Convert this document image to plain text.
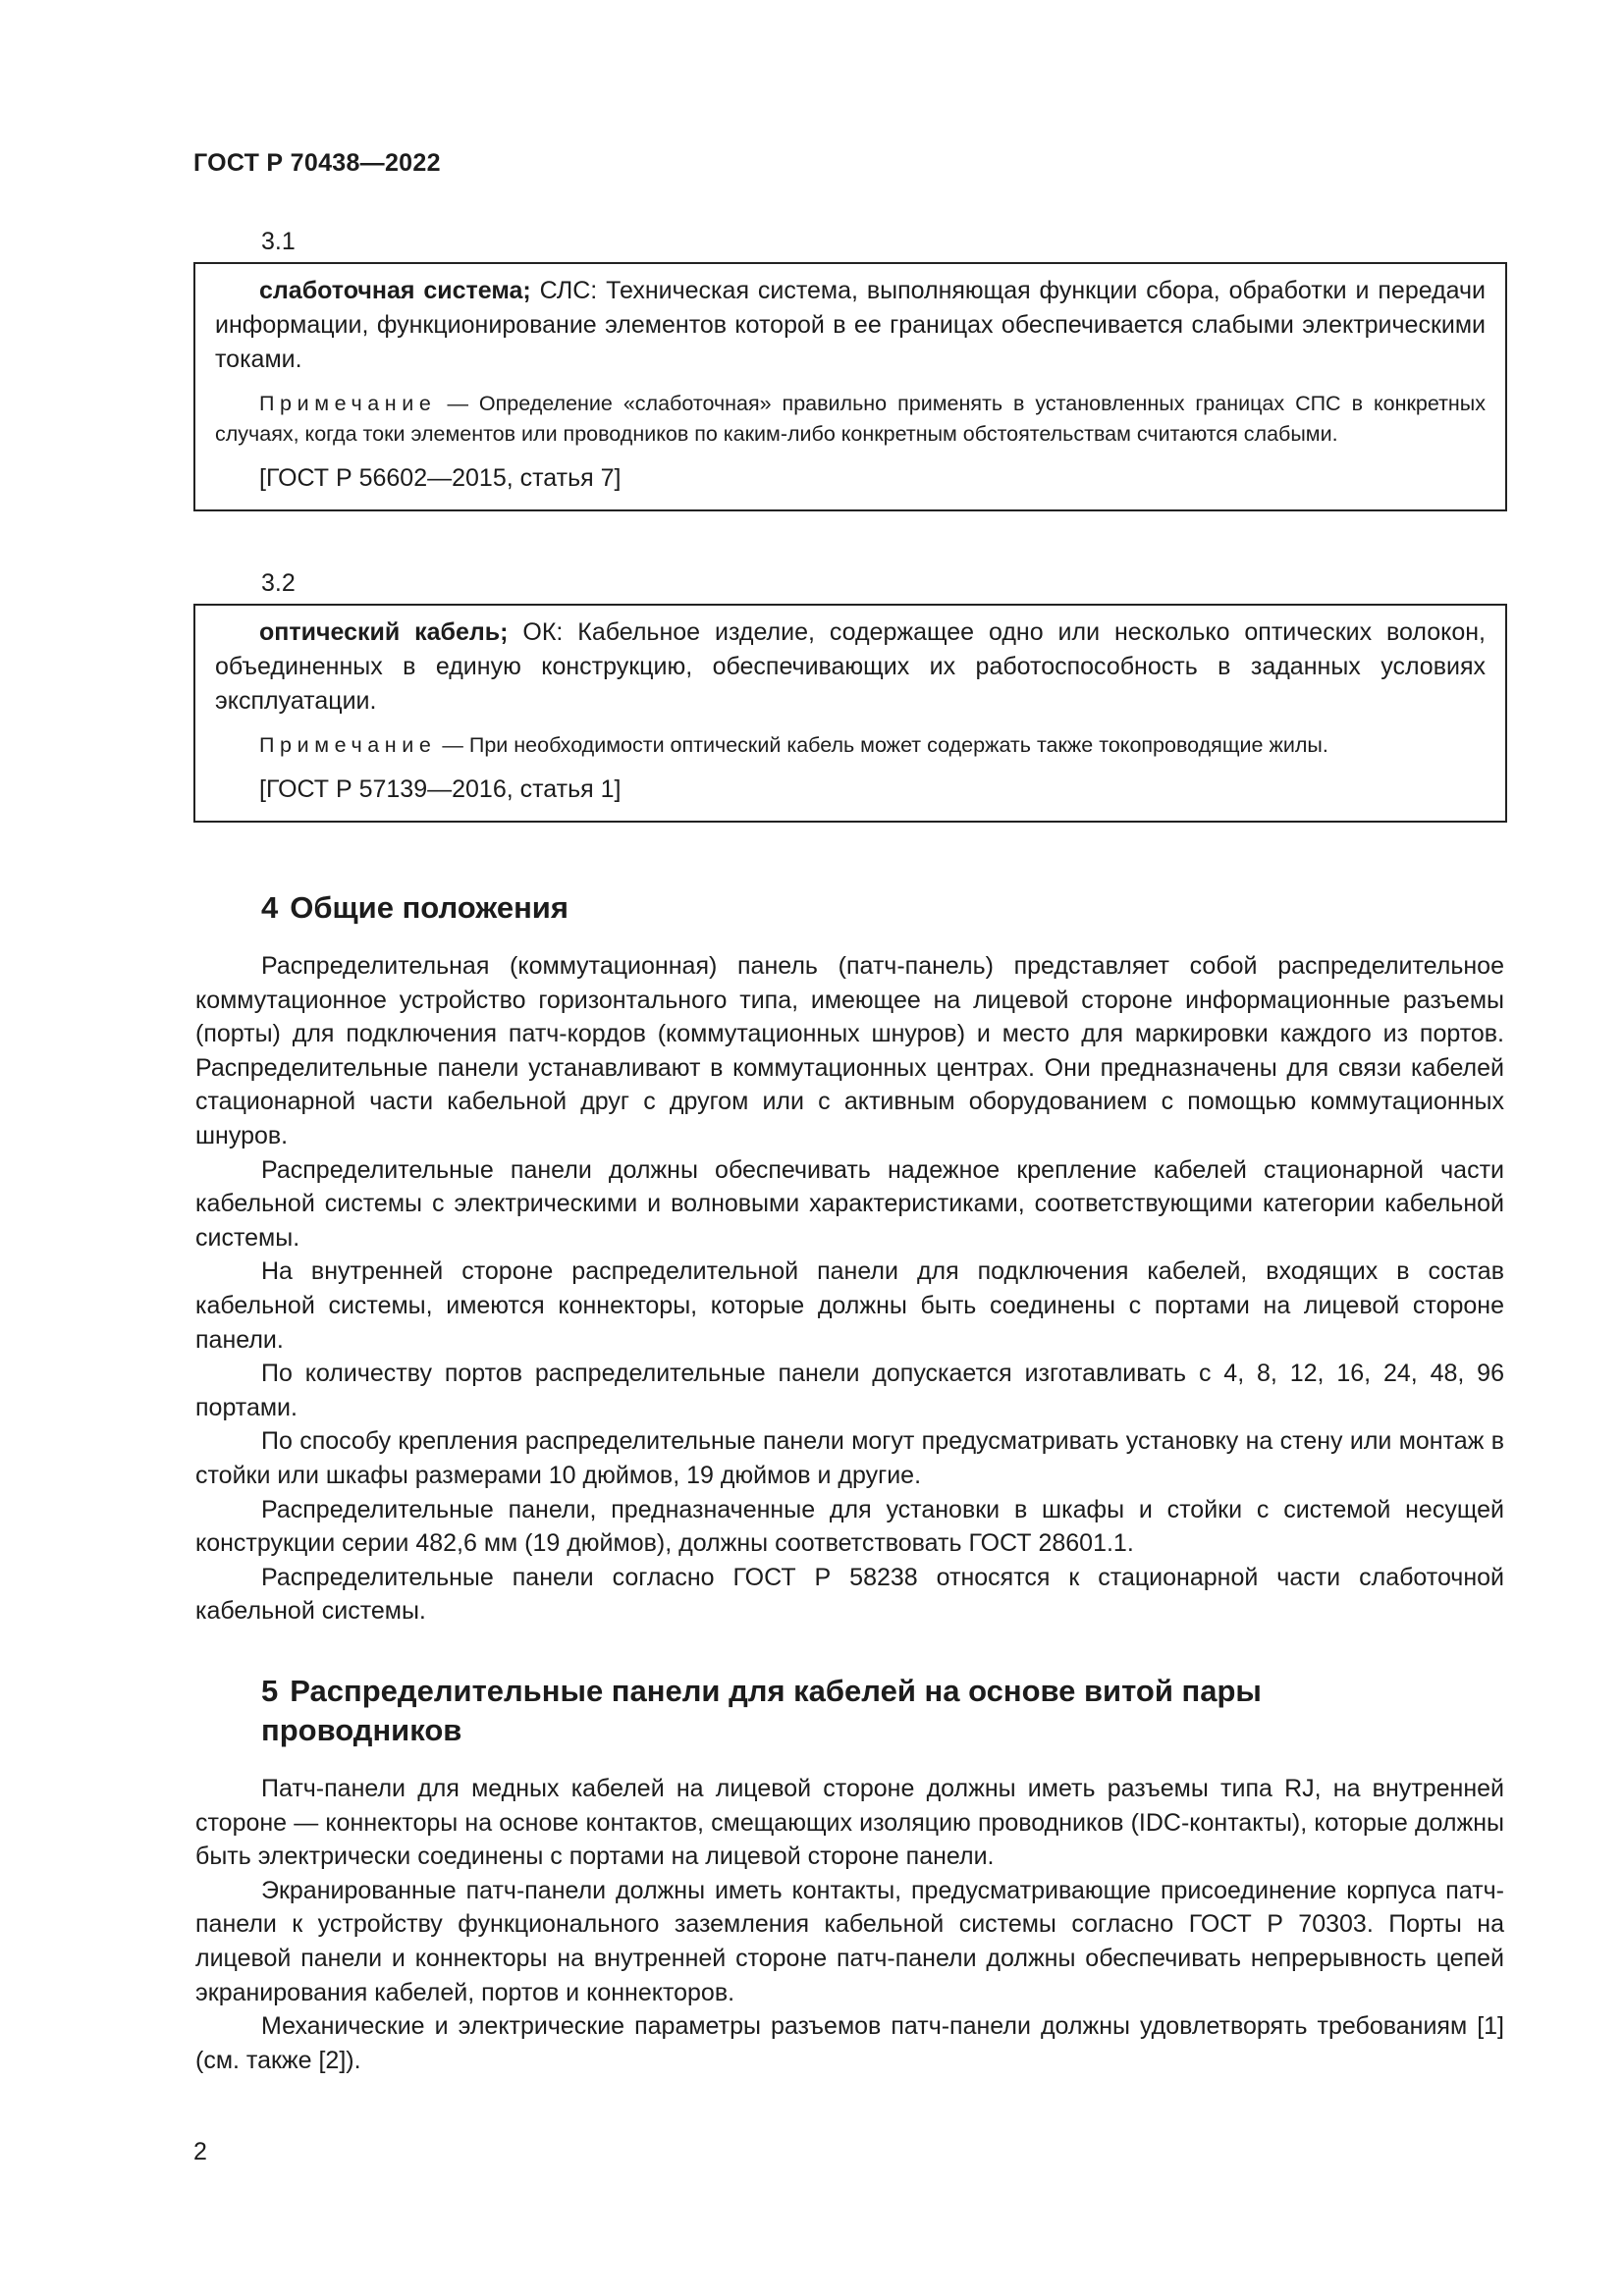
ГОСТ Р 70438—2022
3.1

слаботочная система; СЛС: Техническая система, выполняющая функции сбора, обработки и передачи информации, функционирование элементов которой в ее границах обеспечивается слабыми электрическими токами.

Примечание — Определение «слаботочная» правильно применять в установленных границах СПС в конкретных случаях, когда токи элементов или проводников по каким-либо конкретным обстоятельствам считаются слабыми.

[ГОСТ Р 56602—2015, статья 7]

3.2

оптический кабель; ОК: Кабельное изделие, содержащее одно или несколько оптических волокон, объединенных в единую конструкцию, обеспечивающих их работоспособность в заданных условиях эксплуатации.

Примечание — При необходимости оптический кабель может содержать также токопроводящие жилы.

[ГОСТ Р 57139—2016, статья 1]

4 Общие положения

Распределительная (коммутационная) панель (патч-панель) представляет собой распределительное коммутационное устройство горизонтального типа, имеющее на лицевой стороне информационные разъемы (порты) для подключения патч-кордов (коммутационных шнуров) и место для маркировки каждого из портов. Распределительные панели устанавливают в коммутационных центрах. Они предназначены для связи кабелей стационарной части кабельной друг с другом или с активным оборудованием с помощью коммутационных шнуров.

Распределительные панели должны обеспечивать надежное крепление кабелей стационарной части кабельной системы с электрическими и волновыми характеристиками, соответствующими категории кабельной системы.

На внутренней стороне распределительной панели для подключения кабелей, входящих в состав кабельной системы, имеются коннекторы, которые должны быть соединены с портами на лицевой стороне панели.

По количеству портов распределительные панели допускается изготавливать с 4, 8, 12, 16, 24, 48, 96 портами.

По способу крепления распределительные панели могут предусматривать установку на стену или монтаж в стойки или шкафы размерами 10 дюймов, 19 дюймов и другие.

Распределительные панели, предназначенные для установки в шкафы и стойки с системой несущей конструкции серии 482,6 мм (19 дюймов), должны соответствовать ГОСТ 28601.1.

Распределительные панели согласно ГОСТ Р 58238 относятся к стационарной части слаботочной кабельной системы.

5 Распределительные панели для кабелей на основе витой пары
проводников

Патч-панели для медных кабелей на лицевой стороне должны иметь разъемы типа RJ, на внутренней стороне — коннекторы на основе контактов, смещающих изоляцию проводников (IDC-контакты), которые должны быть электрически соединены с портами на лицевой стороне панели.

Экранированные патч-панели должны иметь контакты, предусматривающие присоединение корпуса патч-панели к устройству функционального заземления кабельной системы согласно ГОСТ Р 70303. Порты на лицевой панели и коннекторы на внутренней стороне патч-панели должны обеспечивать непрерывность цепей экранирования кабелей, портов и коннекторов.

Механические и электрические параметры разъемов патч-панели должны удовлетворять требованиям [1] (см. также [2]).

2
